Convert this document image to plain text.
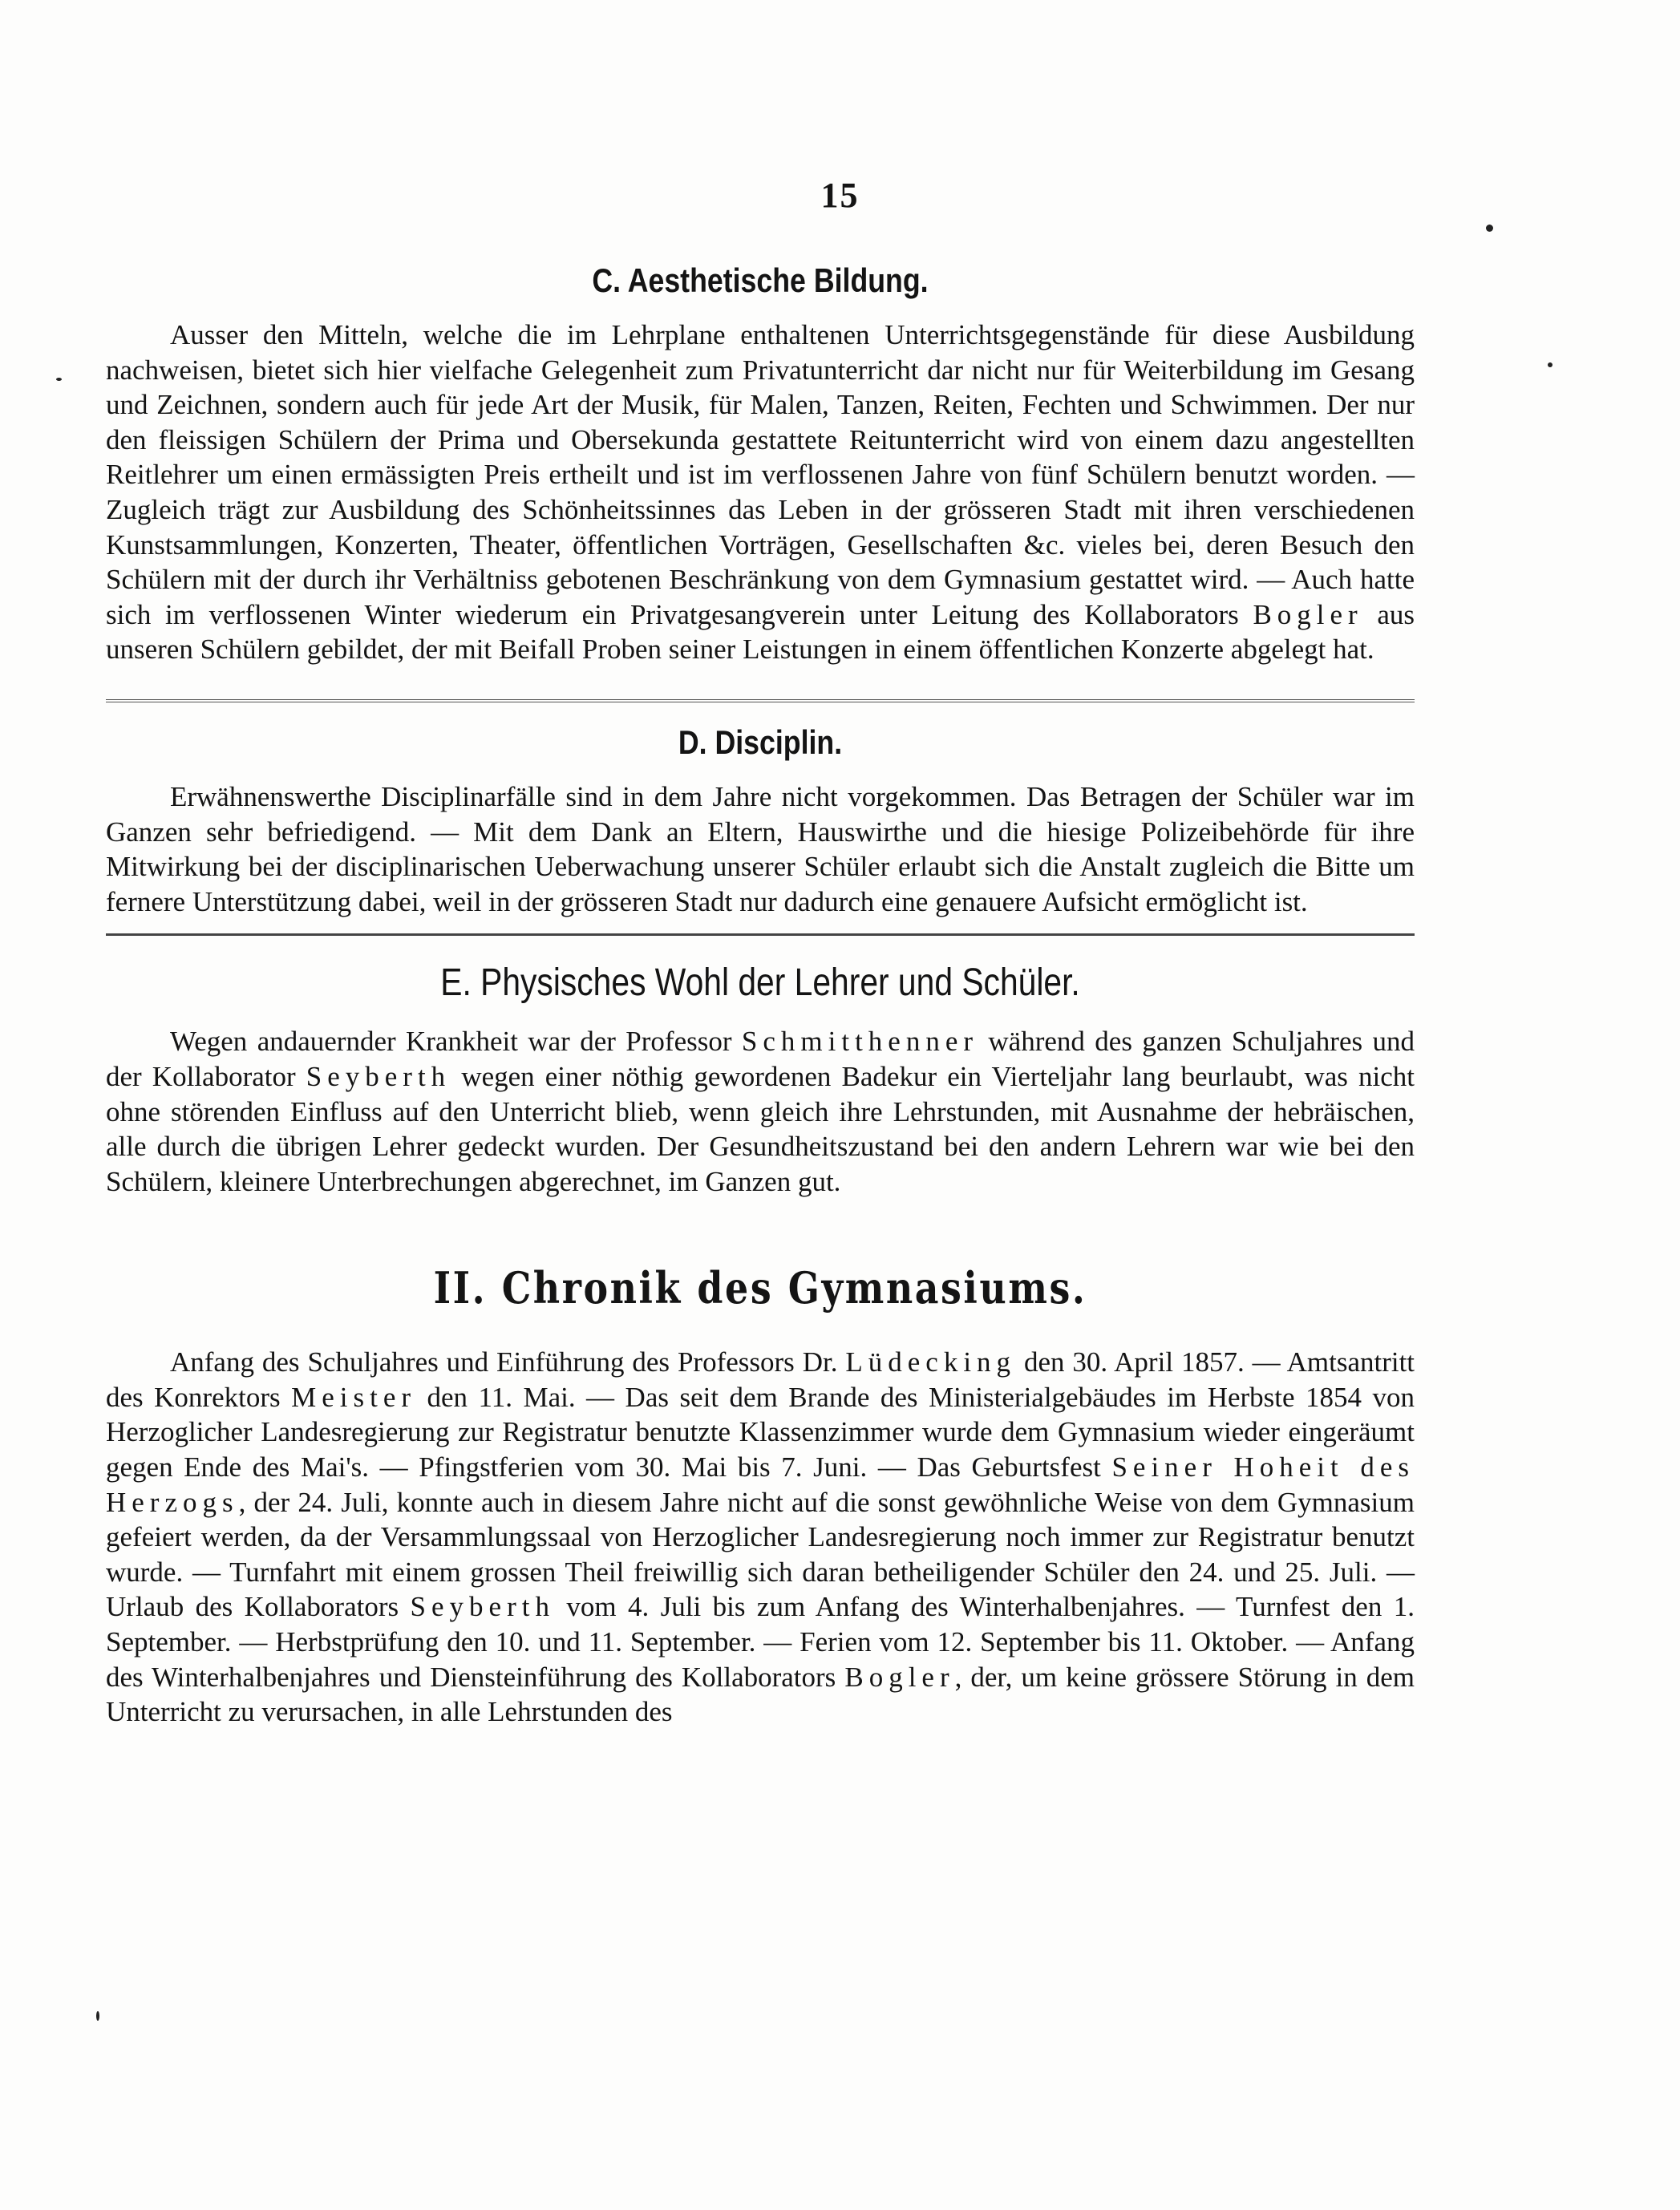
15
C. Aesthetische Bildung.

Ausser den Mitteln, welche die im Lehrplane enthaltenen Unterrichtsgegenstände für diese Ausbildung nachweisen, bietet sich hier vielfache Gelegenheit zum Privatunterricht dar nicht nur für Weiterbildung im Gesang und Zeichnen, sondern auch für jede Art der Musik, für Malen, Tanzen, Reiten, Fechten und Schwimmen. Der nur den fleissigen Schülern der Prima und Obersekunda gestattete Reitunterricht wird von einem dazu angestellten Reitlehrer um einen ermässigten Preis ertheilt und ist im verflossenen Jahre von fünf Schülern benutzt worden. — Zugleich trägt zur Ausbildung des Schönheitssinnes das Leben in der grösseren Stadt mit ihren verschiedenen Kunstsammlungen, Konzerten, Theater, öffentlichen Vorträgen, Gesellschaften &c. vieles bei, deren Besuch den Schülern mit der durch ihr Verhältniss gebotenen Beschränkung von dem Gymnasium gestattet wird. — Auch hatte sich im verflossenen Winter wiederum ein Privatgesangverein unter Leitung des Kollaborators Bogler aus unseren Schülern gebildet, der mit Beifall Proben seiner Leistungen in einem öffentlichen Konzerte abgelegt hat.

D. Disciplin.

Erwähnenswerthe Disciplinarfälle sind in dem Jahre nicht vorgekommen. Das Betragen der Schüler war im Ganzen sehr befriedigend. — Mit dem Dank an Eltern, Hauswirthe und die hiesige Polizeibehörde für ihre Mitwirkung bei der disciplinarischen Ueberwachung unserer Schüler erlaubt sich die Anstalt zugleich die Bitte um fernere Unterstützung dabei, weil in der grösseren Stadt nur dadurch eine genauere Aufsicht ermöglicht ist.

E. Physisches Wohl der Lehrer und Schüler.

Wegen andauernder Krankheit war der Professor Schmitthenner während des ganzen Schuljahres und der Kollaborator Seyberth wegen einer nöthig gewordenen Badekur ein Vierteljahr lang beurlaubt, was nicht ohne störenden Einfluss auf den Unterricht blieb, wenn gleich ihre Lehrstunden, mit Ausnahme der hebräischen, alle durch die übrigen Lehrer gedeckt wurden. Der Gesundheitszustand bei den andern Lehrern war wie bei den Schülern, kleinere Unterbrechungen abgerechnet, im Ganzen gut.

II. Chronik des Gymnasiums.

Anfang des Schuljahres und Einführung des Professors Dr. Lüdecking den 30. April 1857. — Amtsantritt des Konrektors Meister den 11. Mai. — Das seit dem Brande des Ministerialgebäudes im Herbste 1854 von Herzoglicher Landesregierung zur Registratur benutzte Klassenzimmer wurde dem Gymnasium wieder eingeräumt gegen Ende des Mai's. — Pfingstferien vom 30. Mai bis 7. Juni. — Das Geburtsfest Seiner Hoheit des Herzogs, der 24. Juli, konnte auch in diesem Jahre nicht auf die sonst gewöhnliche Weise von dem Gymnasium gefeiert werden, da der Versammlungssaal von Herzoglicher Landesregierung noch immer zur Registratur benutzt wurde. — Turnfahrt mit einem grossen Theil freiwillig sich daran betheiligender Schüler den 24. und 25. Juli. — Urlaub des Kollaborators Seyberth vom 4. Juli bis zum Anfang des Winterhalbenjahres. — Turnfest den 1. September. — Herbstprüfung den 10. und 11. September. — Ferien vom 12. September bis 11. Oktober. — Anfang des Winterhalbenjahres und Diensteinführung des Kollaborators Bogler, der, um keine grössere Störung in dem Unterricht zu verursachen, in alle Lehrstunden des
